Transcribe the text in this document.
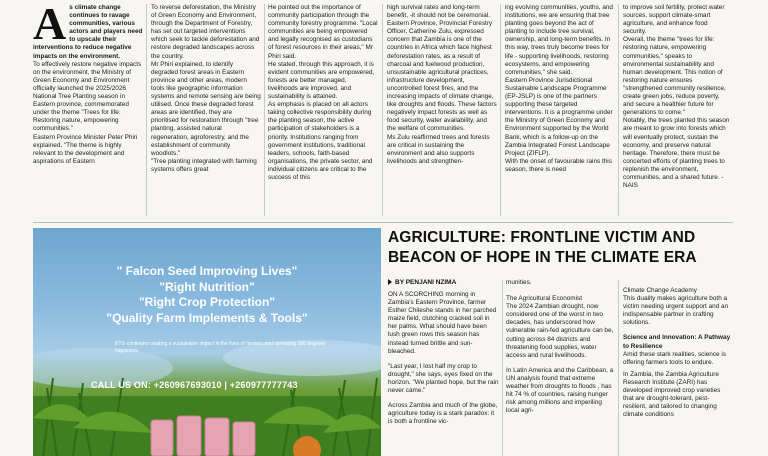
A s climate change continues to ravage communities, various actors and players need to upscale their interventions to reduce negative impacts on the environment.

To effectively restore negative impacts on the environment, the Ministry of Green Economy and Environment officially launched the 2025/2026 National Tree Planting season in Eastern province, commemorated under the theme "Trees for life: Restoring nature, empowering communities."

Eastern Province Minister Peter Phiri explained, "The theme is highly relevant to the development and aspirations of Eastern

To reverse deforestation, the Ministry of Green Economy and Environment, through the Department of Forestry, has set out targeted interventions which seek to tackle deforestation and restore degraded landscapes across the country.

Mr Phiri explained, to identify degraded forest areas in Eastern province and other areas, modern tools like geographic information systems and remote sensing are being utilised. Once these degraded forest areas are identified, they are prioritised for restoration through "tree planting, assisted natural regeneration, agroforestry, and the establishment of community woodlots."

"Tree planting integrated with farming systems offers great

He pointed out the importance of community participation through the community forestry programme. "Local communities are being empowered and legally recognised as custodians of forest resources in their areas," Mr Phiri said.

He stated, through this approach, it is evident communities are empowered, forests are better managed, livelihoods are improved, and sustainability is attained.

As emphasis is placed on all actors taking collective responsibility during the planting season, the active participation of stakeholders is a priority. Institutions ranging from government institutions, traditional leaders, schools, faith-based organisations, the private sector, and individual citizens are critical to the success of this

high survival rates and long-term benefit, -it should not be ceremonial.

Eastern Province, Provincial Forestry Officer, Catherine Zulu, expressed concern that Zambia is one of the countries in Africa which face highest deforestation rates, as a result of charcoal and fuelwood production, unsustainable agricultural practices, infrastructure development, uncontrolled forest fires, and the increasing impacts of climate change, like droughts and floods. These factors negatively impact forests as well as food security, water availability, and the welfare of communities.

Ms Zulu reaffirmed trees and forests are critical in sustaining the environment and also supports livelihoods and strengthen-

ing evolving communities, youths, and institutions, we are ensuring that tree planting goes beyond the act of planting to include tree survival, ownership, and long-term benefits. In this way, trees truly become trees for life - supporting livelihoods, restoring ecosystems, and empowering communities," she said.

Eastern Province Jurisdictional Sustainable Landscape Programme (EP-JSLP) is one of the partners supporting these targeted interventions. It is a programme under the Ministry of Green Economy and Environment supported by the World Bank, which is a follow-up on the Zambia Integrated Forest Landscape Project (ZIFLP).

With the onset of favourable rains this season, there is need

to improve soil fertility, protect water sources, support climate-smart agriculture, and enhance food security.

Overall, the theme "trees for life: restoring nature, empowering communities," speaks to environmental sustainability and human development. This notion of restoring nature ensures "strengthened community resilience, create green jobs, reduce poverty, and secure a healthier future for generations to come."

Notably, the trees planted this season are meant to grow into forests which will eventually protect, sustain the economy, and preserve natural heritage. Therefore, there must be concerted efforts of planting trees to replenish the environment, communities, and a shared future. -NAIS

" Falcon Seed Improving Lives"
"Right Nutrition"
"Right Crop Protection"
"Quality Farm Implements & Tools"
ETG continues creating a sustainable impact in the lives of farmers and spreading 360 degrees happiness.
CALL US ON: +260967693010 | +260977777743
AGRICULTURE: FRONTLINE VICTIM AND BEACON OF HOPE IN THE CLIMATE ERA
BY PENJANI NZIMA

ON A SCORCHING morning in Zambia's Eastern Province, farmer Esther Chileshe stands in her parched maize field, clutching cracked soil in her palms. What should have been lush green rows this season has instead turned brittle and sun-bleached.

"Last year, I lost half my crop to drought," she says, eyes fixed on the horizon. "We planted hope, but the rain never came."

Across Zambia and much of the globe, agriculture today is a stark paradox: it is both a frontline vic-

munities.

The Agricultural Economist

The 2024 Zambian drought, now considered one of the worst in two decades, has underscored how vulnerable rain-fed agriculture can be, cutting across 84 districts and threatening food supplies, water access and rural livelihoods.

In Latin America and the Caribbean, a UN analysis found that extreme weather from droughts to floods , has hit 74 % of countries, raising hunger risk among millions and imperiling local agri-

Climate Change Academy

This duality makes agriculture both a victim needing urgent support and an indispensable partner in crafting solutions.

Science and Innovation: A Pathway to Resilience

Amid these stark realities, science is offering farmers tools to endure.

In Zambia, the Zambia Agriculture Research Institute (ZARI) has developed improved crop varieties that are drought-tolerant, pest-resilient, and tailored to changing climate conditions
